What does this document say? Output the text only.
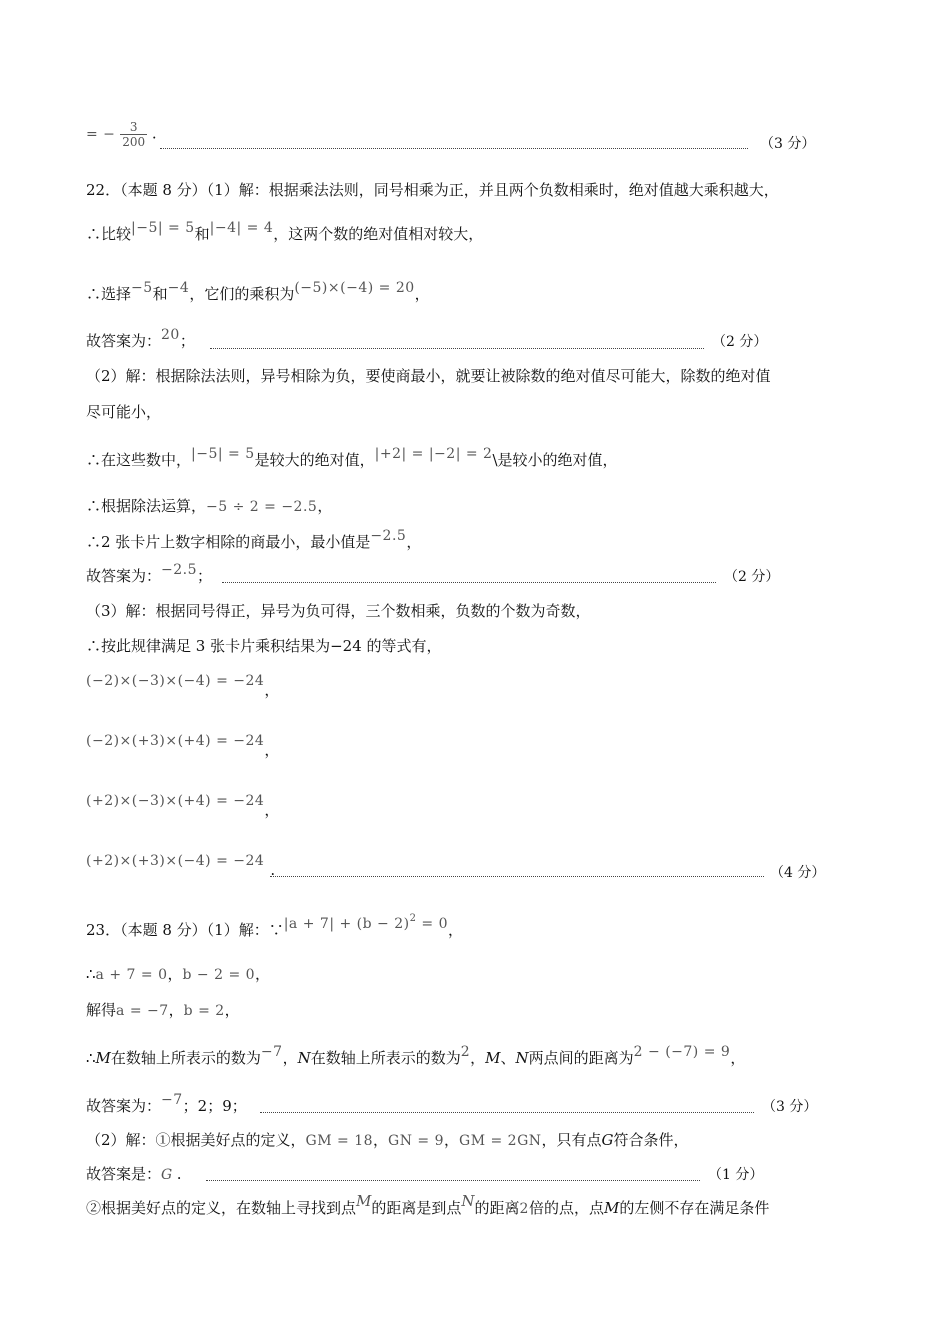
= − $\frac{3}{200}$ .
（3 分）
22．（本题 8 分）（1）解：根据乘法法则，同号相乘为正，并且两个负数相乘时，绝对值越大乘积越大，
∴比较|−5| = 5和|−4| = 4，这两个数的绝对值相对较大，
∴选择−5和−4，它们的乘积为(−5)×(−4) = 20，
故答案为：20；	（2 分）
（2）解：根据除法法则，异号相除为负，要使商最小，就要让被除数的绝对值尽可能大，除数的绝对值
尽可能小，
∴在这些数中，|−5| = 5是较大的绝对值，|+2| = |−2| = 2\是较小的绝对值，
∴根据除法运算，−5 ÷ 2 = −2.5，
∴2 张卡片上数字相除的商最小，最小值是−2.5，
故答案为：−2.5；	（2 分）
（3）解：根据同号得正，异号为负可得，三个数相乘，负数的个数为奇数，
∴按此规律满足 3 张卡片乘积结果为−24 的等式有，
(−2)×(−3)×(−4) = −24，
(−2)×(+3)×(+4) = −24，
(+2)×(−3)×(+4) = −24，
(+2)×(+3)×(−4) = −24 .	（4 分）
23．（本题 8 分）（1）解：∵|a + $7| + (b - 2)^2 = 0$，
∴a + 7 = 0，b − 2 = 0，
解得a = −7，b = 2，
∴M在数轴上所表示的数为−7，N在数轴上所表示的数为2，M、N两点间的距离为2 − (−7) = 9，
故答案为：−7；2；9；	（3 分）
（2）解：①根据美好点的定义，GM = 18，GN = 9，GM = 2GN，只有点G符合条件，
故答案是：G .	（1 分）
②根据美好点的定义，在数轴上寻找到点M的距离是到点N的距离2倍的点，点M的左侧不存在满足条件
